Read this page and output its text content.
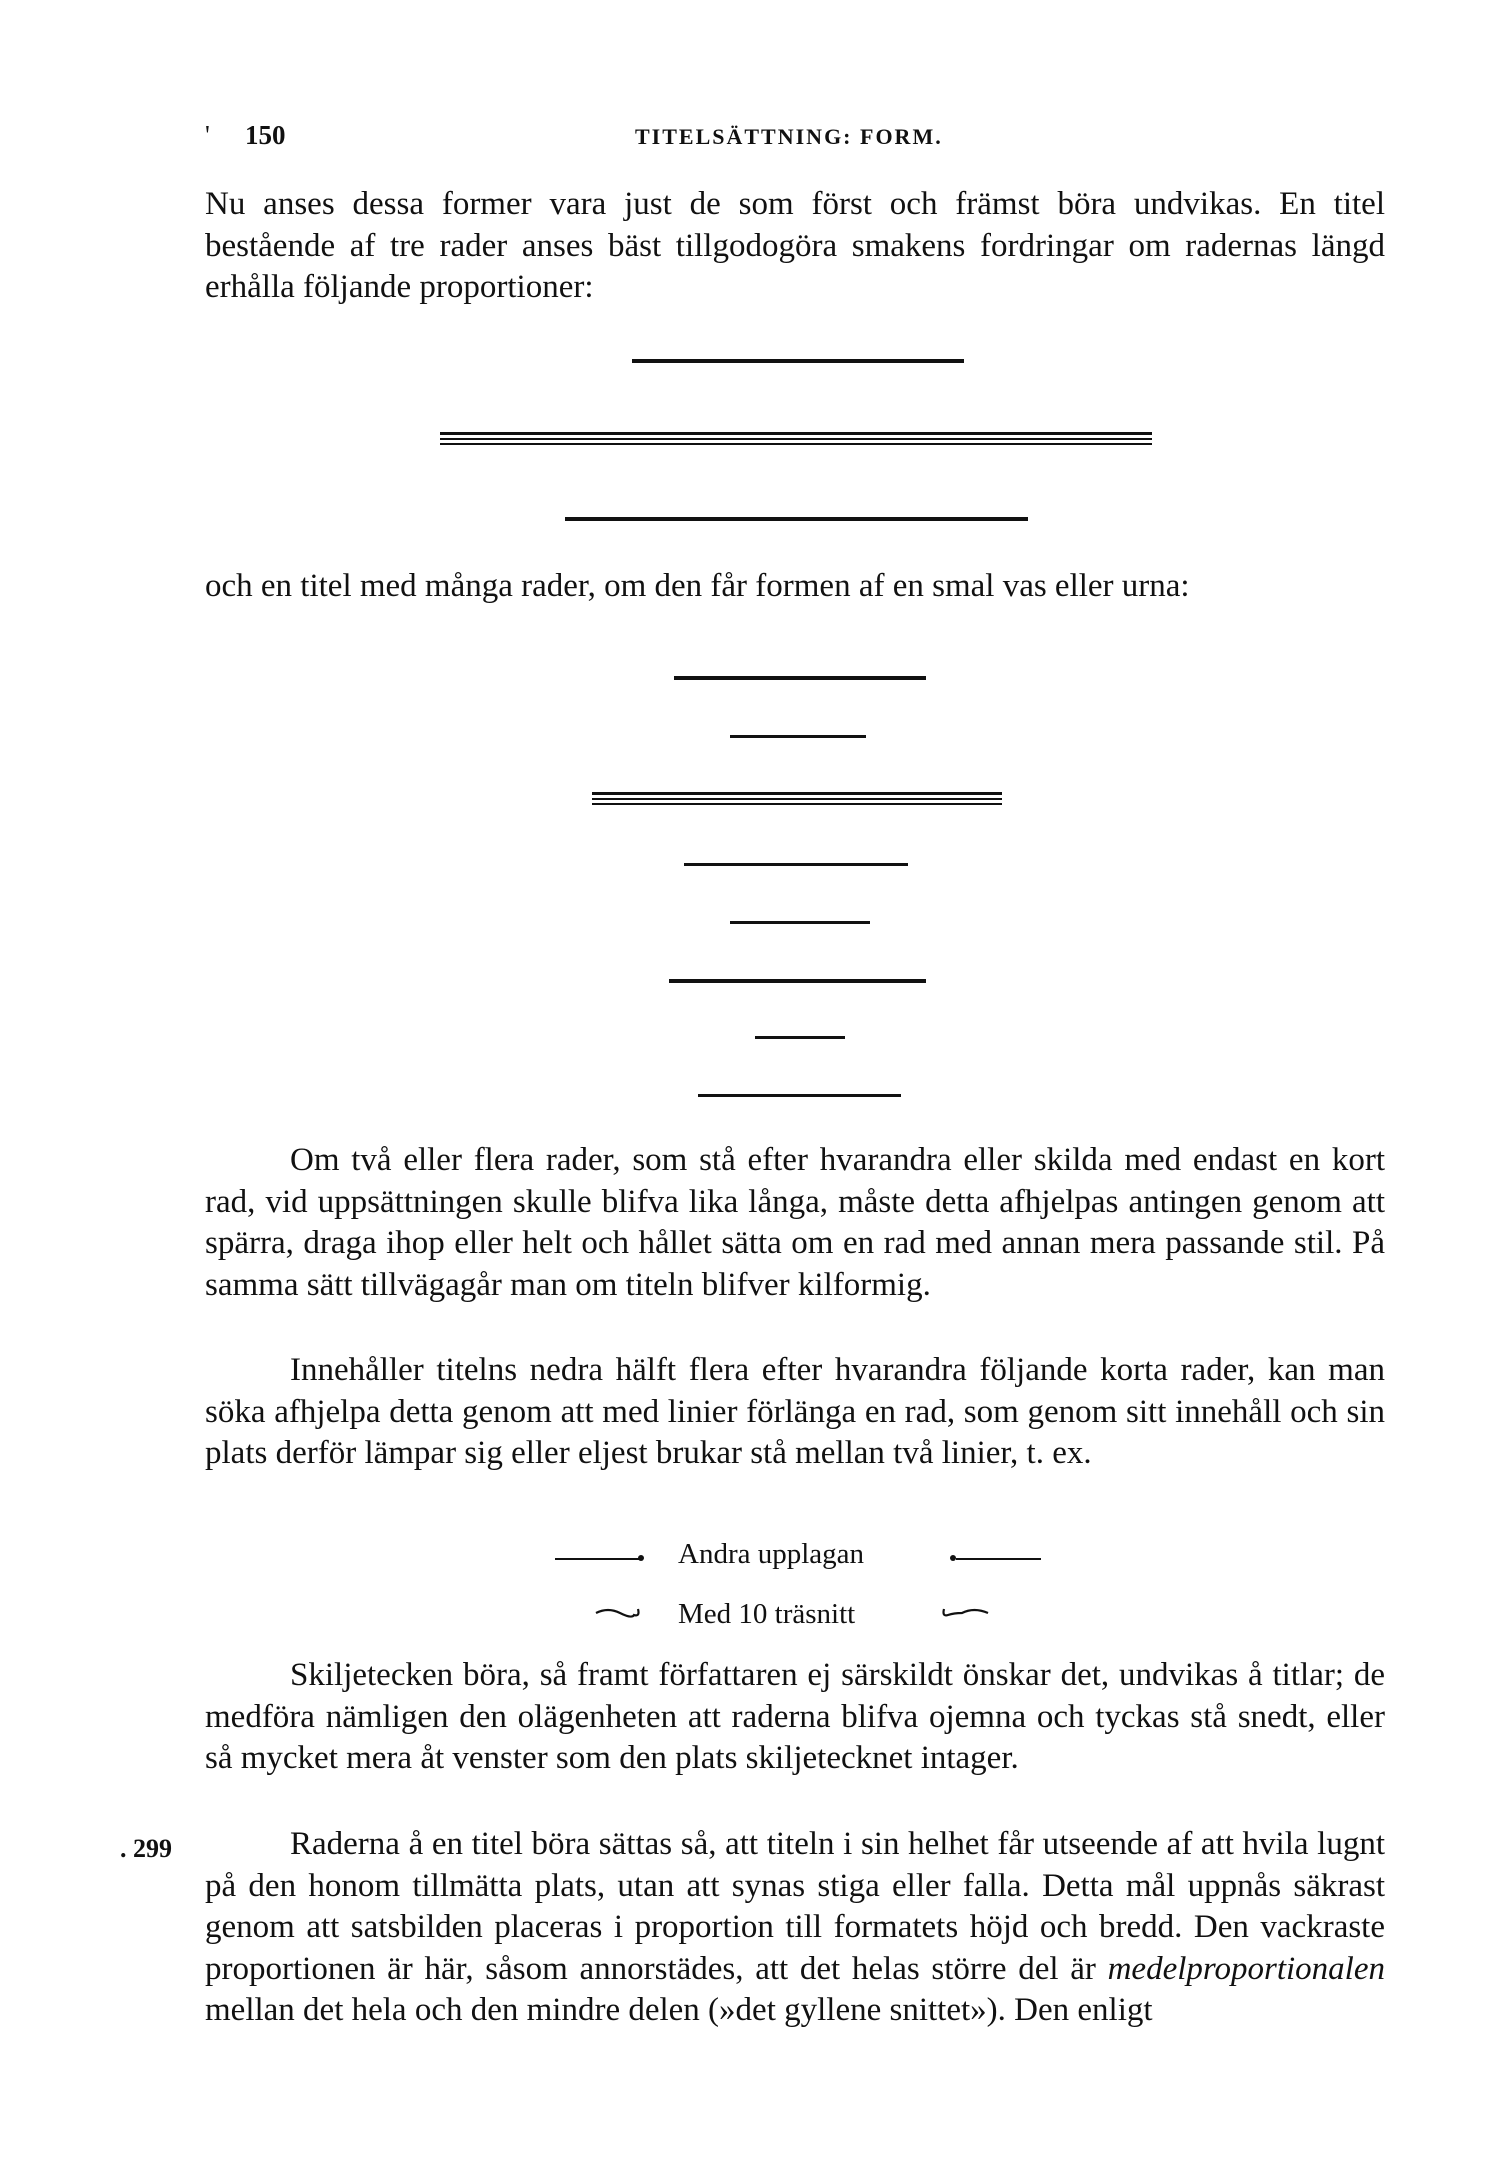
' 150	TITELSÄTTNING: FORM.

Nu anses dessa former vara just de som först och främst böra undvikas. En titel bestående af tre rader anses bäst tillgodogöra smakens fordringar om radernas längd erhålla följande proportioner:

och en titel med många rader, om den får formen af en smal vas eller urna:

Om två eller flera rader, som stå efter hvarandra eller skilda med endast en kort rad, vid uppsättningen skulle blifva lika långa, måste detta afhjelpas antingen genom att spärra, draga ihop eller helt och hållet sätta om en rad med annan mera passande stil. På samma sätt tillvägagår man om titeln blifver kilformig.

Innehåller titelns nedra hälft flera efter hvarandra följande korta rader, kan man söka afhjelpa detta genom att med linier förlänga en rad, som genom sitt innehåll och sin plats derför lämpar sig eller eljest brukar stå mellan två linier, t. ex.

Andra upplagan
Med 10 träsnitt

Skiljetecken böra, så framt författaren ej särskildt önskar det, undvikas å titlar; de medföra nämligen den olägenheten att raderna blifva ojemna och tyckas stå snedt, eller så mycket mera åt venster som den plats skiljetecknet intager.

. 299	Raderna å en titel böra sättas så, att titeln i sin helhet får utseende af att hvila lugnt på den honom tillmätta plats, utan att synas stiga eller falla. Detta mål uppnås säkrast genom att satsbilden placeras i proportion till formatets höjd och bredd. Den vackraste proportionen är här, såsom annorstädes, att det helas större del är medelproportionalen mellan det hela och den mindre delen (»det gyllene snittet»). Den enligt
